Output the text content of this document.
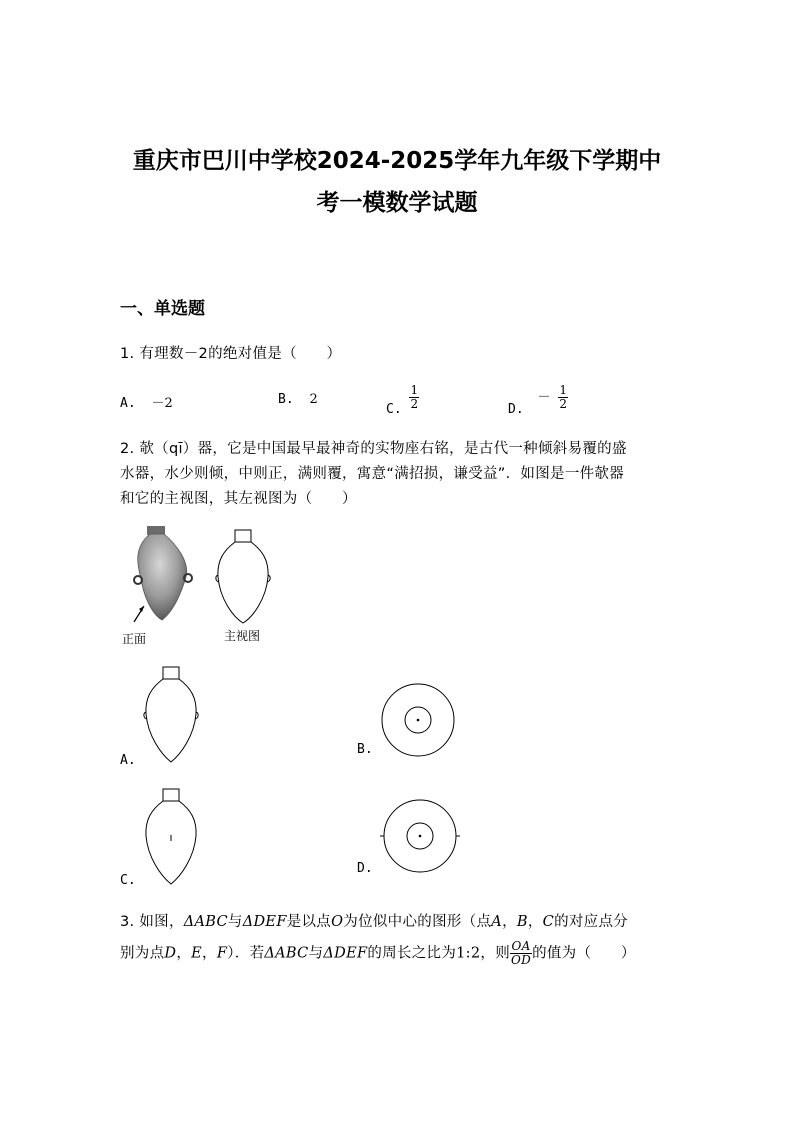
重庆市巴川中学校2024-2025学年九年级下学期中
考一模数学试题
一、单选题
1. 有理数－2的绝对值是（　　）
A. －2	B. 2
C. $\frac{1}{2}$	D. － $\frac{1}{2}$
2. 欹（qī）器，它是中国最早最神奇的实物座右铭，是古代一种倾斜易覆的盛
水器，水少则倾，中则正，满则覆，寓意“满招损，谦受益”．如图是一件欹器
和它的主视图，其左视图为（　　）
正面	主视图
A.
B.
C.
D.
3. 如图，ΔABC与ΔDEF是以点O为位似中心的图形（点A，B，C的对应点分
别为点D，E，F）．若ΔABC与ΔDEF的周长之比为1:2，则 $\frac{OA}{OD}$ 的值为（　　）
